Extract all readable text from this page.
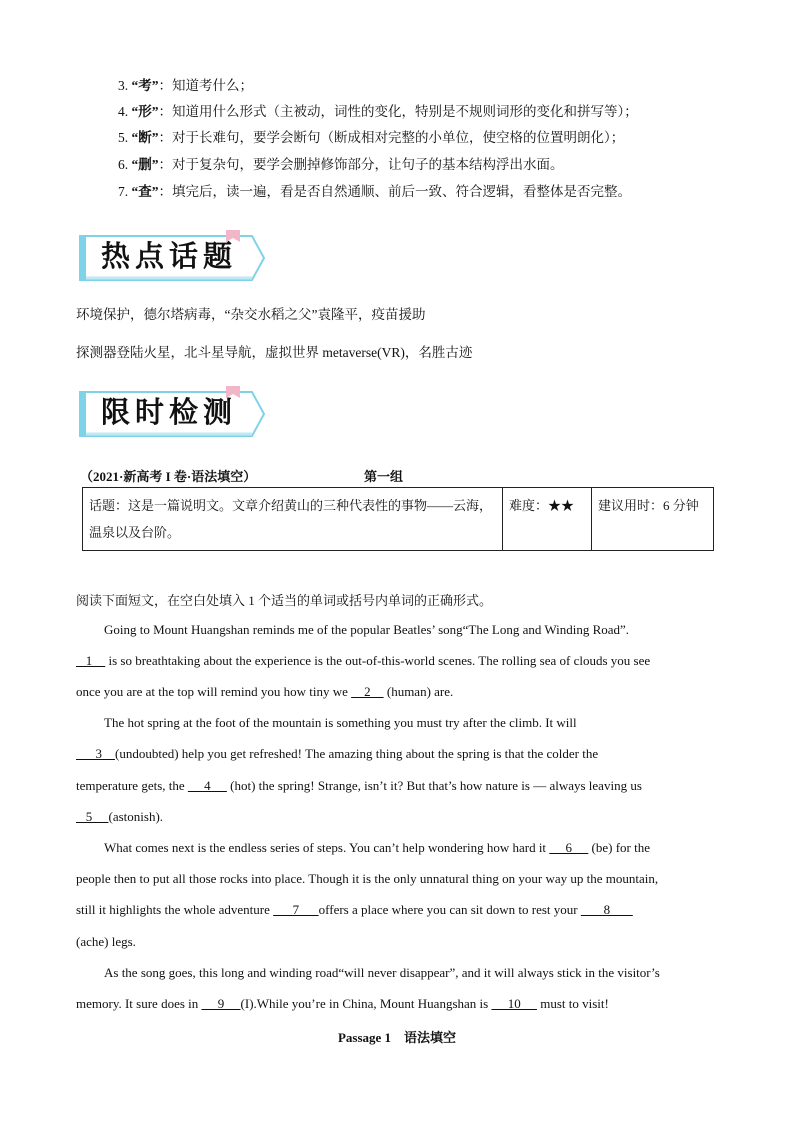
3. “考”：知道考什么；
4. “形”：知道用什么形式（主被动，词性的变化，特别是不规则词形的变化和拼写等）；
5. “断”：对于长难句，要学会断句（断成相对完整的小单位，使空格的位置明朗化）；
6. “删”：对于复杂句，要学会删掉修饰部分，让句子的基本结构浮出水面。
7. “查”：填完后，读一遍，看是否自然通顺、前后一致、符合逻辑，看整体是否完整。
热点话题
环境保护，德尔塔病毒，“杂交水稻之父”袁隆平，疫苗援助
探测器登陆火星，北斗星导航，虚拟世界 metaverse(VR)，名胜古迹
限时检测
（2021·新高考 I 卷·语法填空）	第一组
话题：这是一篇说明文。文章介绍黄山的三种代表性的事物——云海，温泉以及台阶。	难度：★★	建议用时：6 分钟
阅读下面短文，在空白处填入 1 个适当的单词或括号内单词的正确形式。
Going to Mount Huangshan reminds me of the popular Beatles’ song“The Long and Winding Road”.
1     is so breathtaking about the experience is the out-of-this-world scenes. The rolling sea of clouds you see
once you are at the top will remind you how tiny we     2     (human) are.
The hot spring at the foot of the mountain is something you must try after the climb. It will
3    (undoubted) help you get refreshed! The amazing thing about the spring is that the colder the
temperature gets, the      4      (hot) the spring! Strange, isn’t it? But that’s how nature is — always leaving us
5     (astonish).
What comes next is the endless series of steps. You can’t help wondering how hard it      6      (be) for the
people then to put all those rocks into place. Though it is the only unnatural thing on your way up the mountain,
still it highlights the whole adventure       7      offers a place where you can sit down to rest your        8
(ache) legs.
As the song goes, this long and winding road“will never disappear”, and it will always stick in the visitor’s
memory. It sure does in      9     (I).While you’re in China, Mount Huangshan is      10      must to visit!
Passage 1    语法填空
